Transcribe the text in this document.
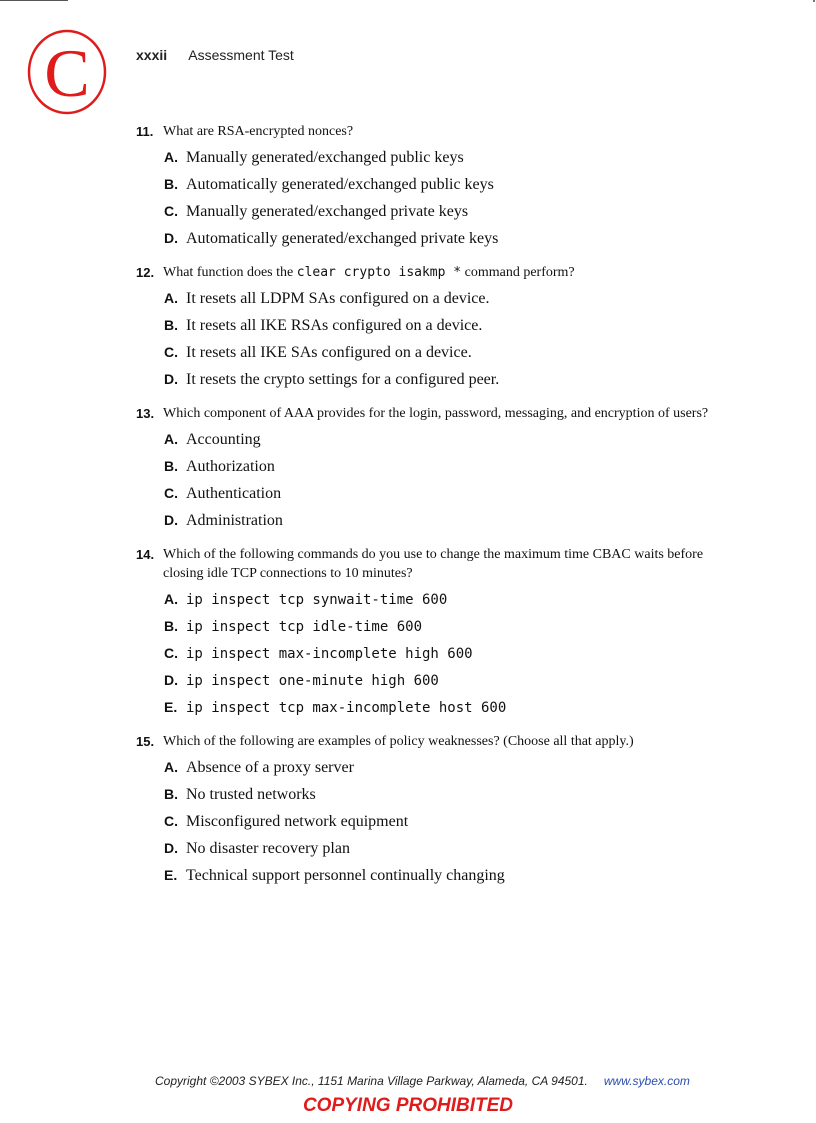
C	xxxii Assessment Test
11. What are RSA-encrypted nonces?
A. Manually generated/exchanged public keys
B. Automatically generated/exchanged public keys
C. Manually generated/exchanged private keys
D. Automatically generated/exchanged private keys
12. What function does the clear crypto isakmp * command perform?
A. It resets all LDPM SAs configured on a device.
B. It resets all IKE RSAs configured on a device.
C. It resets all IKE SAs configured on a device.
D. It resets the crypto settings for a configured peer.
13. Which component of AAA provides for the login, password, messaging, and encryption of users?
A. Accounting
B. Authorization
C. Authentication
D. Administration
14. Which of the following commands do you use to change the maximum time CBAC waits before closing idle TCP connections to 10 minutes?
A. ip inspect tcp synwait-time 600
B. ip inspect tcp idle-time 600
C. ip inspect max-incomplete high 600
D. ip inspect one-minute high 600
E. ip inspect tcp max-incomplete host 600
15. Which of the following are examples of policy weaknesses? (Choose all that apply.)
A. Absence of a proxy server
B. No trusted networks
C. Misconfigured network equipment
D. No disaster recovery plan
E. Technical support personnel continually changing
Copyright ©2003 SYBEX Inc., 1151 Marina Village Parkway, Alameda, CA 94501. www.sybex.com
COPYING PROHIBITED
